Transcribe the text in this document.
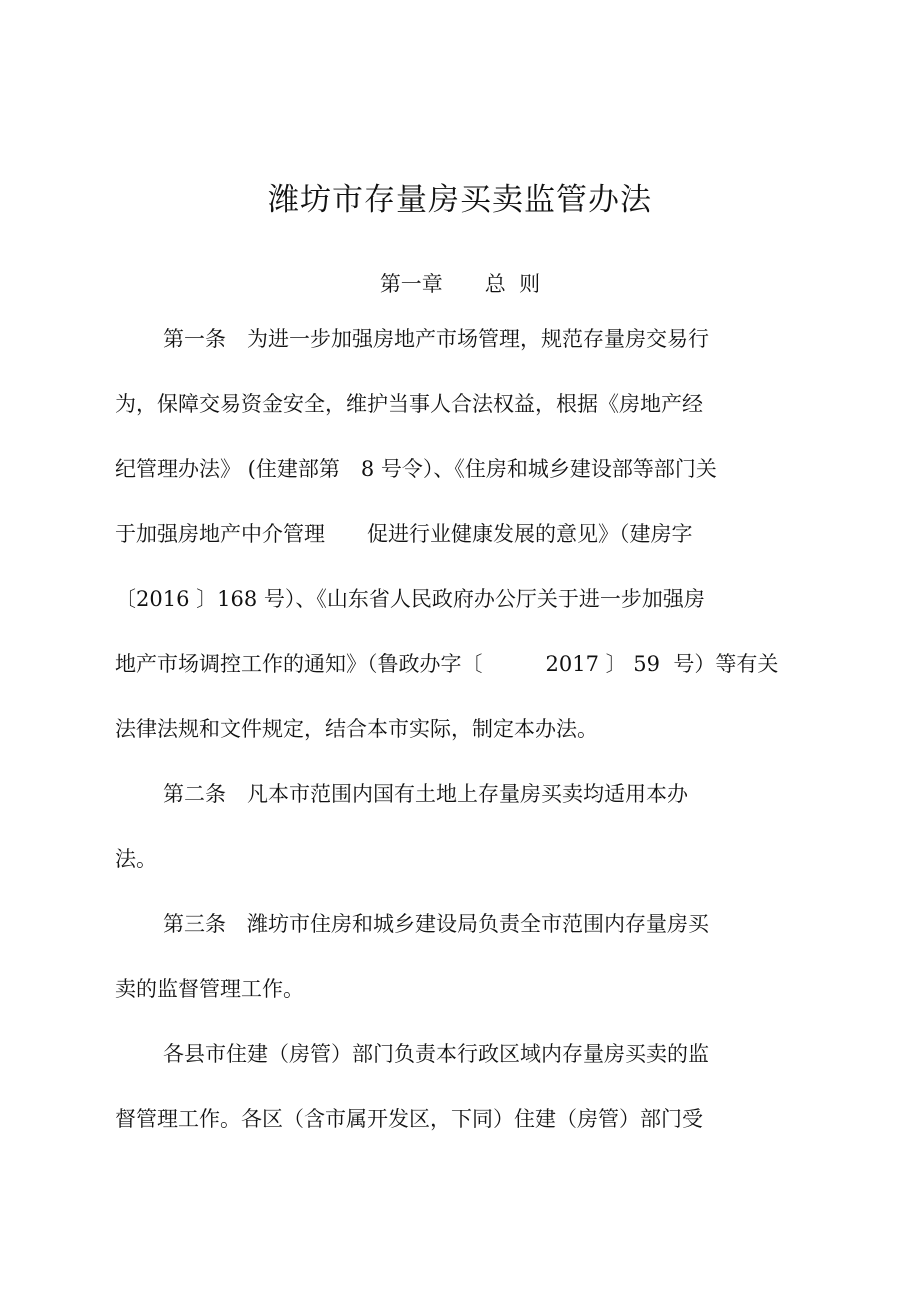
潍坊市存量房买卖监管办法
第一章　　总  则
第一条　为进一步加强房地产市场管理，规范存量房交易行
为，保障交易资金安全，维护当事人合法权益，根据《房地产经
纪管理办法》 (住建部第　8 号令）、《住房和城乡建设部等部门关
于加强房地产中介管理　　促进行业健康发展的意见》（建房字
〔2016 〕168 号）、《山东省人民政府办公厅关于进一步加强房
地产市场调控工作的通知》（鲁政办字〔　　　2017 〕 59  号）等有关
法律法规和文件规定，结合本市实际，制定本办法。
第二条　凡本市范围内国有土地上存量房买卖均适用本办
法。
第三条　潍坊市住房和城乡建设局负责全市范围内存量房买
卖的监督管理工作。
各县市住建（房管）部门负责本行政区域内存量房买卖的监
督管理工作。各区（含市属开发区，下同）住建（房管）部门受
